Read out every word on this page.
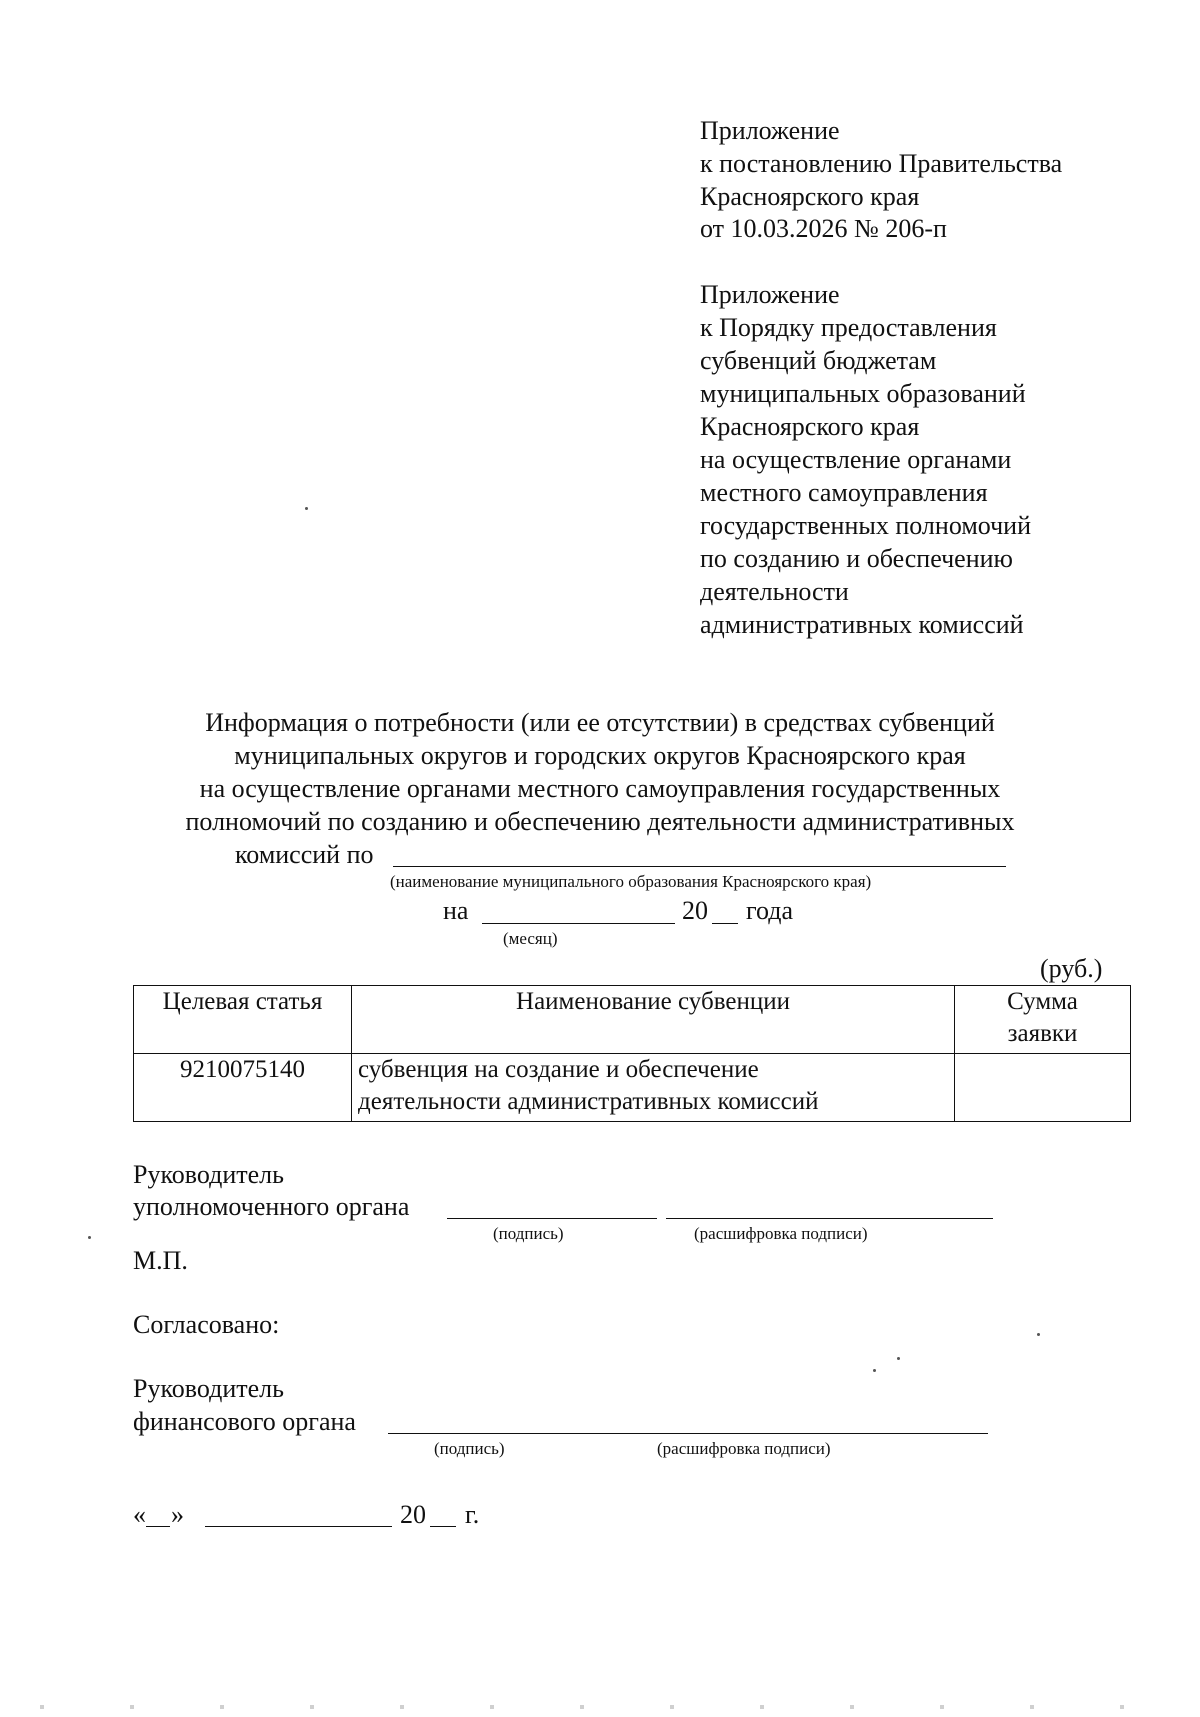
Приложение
к постановлению Правительства
Красноярского края
от 10.03.2026 № 206-п
Приложение
к Порядку предоставления
субвенций бюджетам
муниципальных образований
Красноярского края
на осуществление органами
местного самоуправления
государственных полномочий
по созданию и обеспечению
деятельности
административных комиссий
Информация о потребности (или ее отсутствии) в средствах субвенций
муниципальных округов и городских округов Красноярского края
на осуществление органами местного самоуправления государственных
полномочий по созданию и обеспечению деятельности административных
комиссий по
(наименование муниципального образования Красноярского края)
на	20 года
(месяц)
(руб.)
Целевая статья	Наименование субвенции	Сумма
заявки

9210075140	субвенция на создание и обеспечение
деятельности административных комиссий	

Руководитель
уполномоченного органа
(подпись)	(расшифровка подписи)
М.П.
Согласовано:
Руководитель
финансового органа
(подпись)	(расшифровка подписи)
« »	20 г.
